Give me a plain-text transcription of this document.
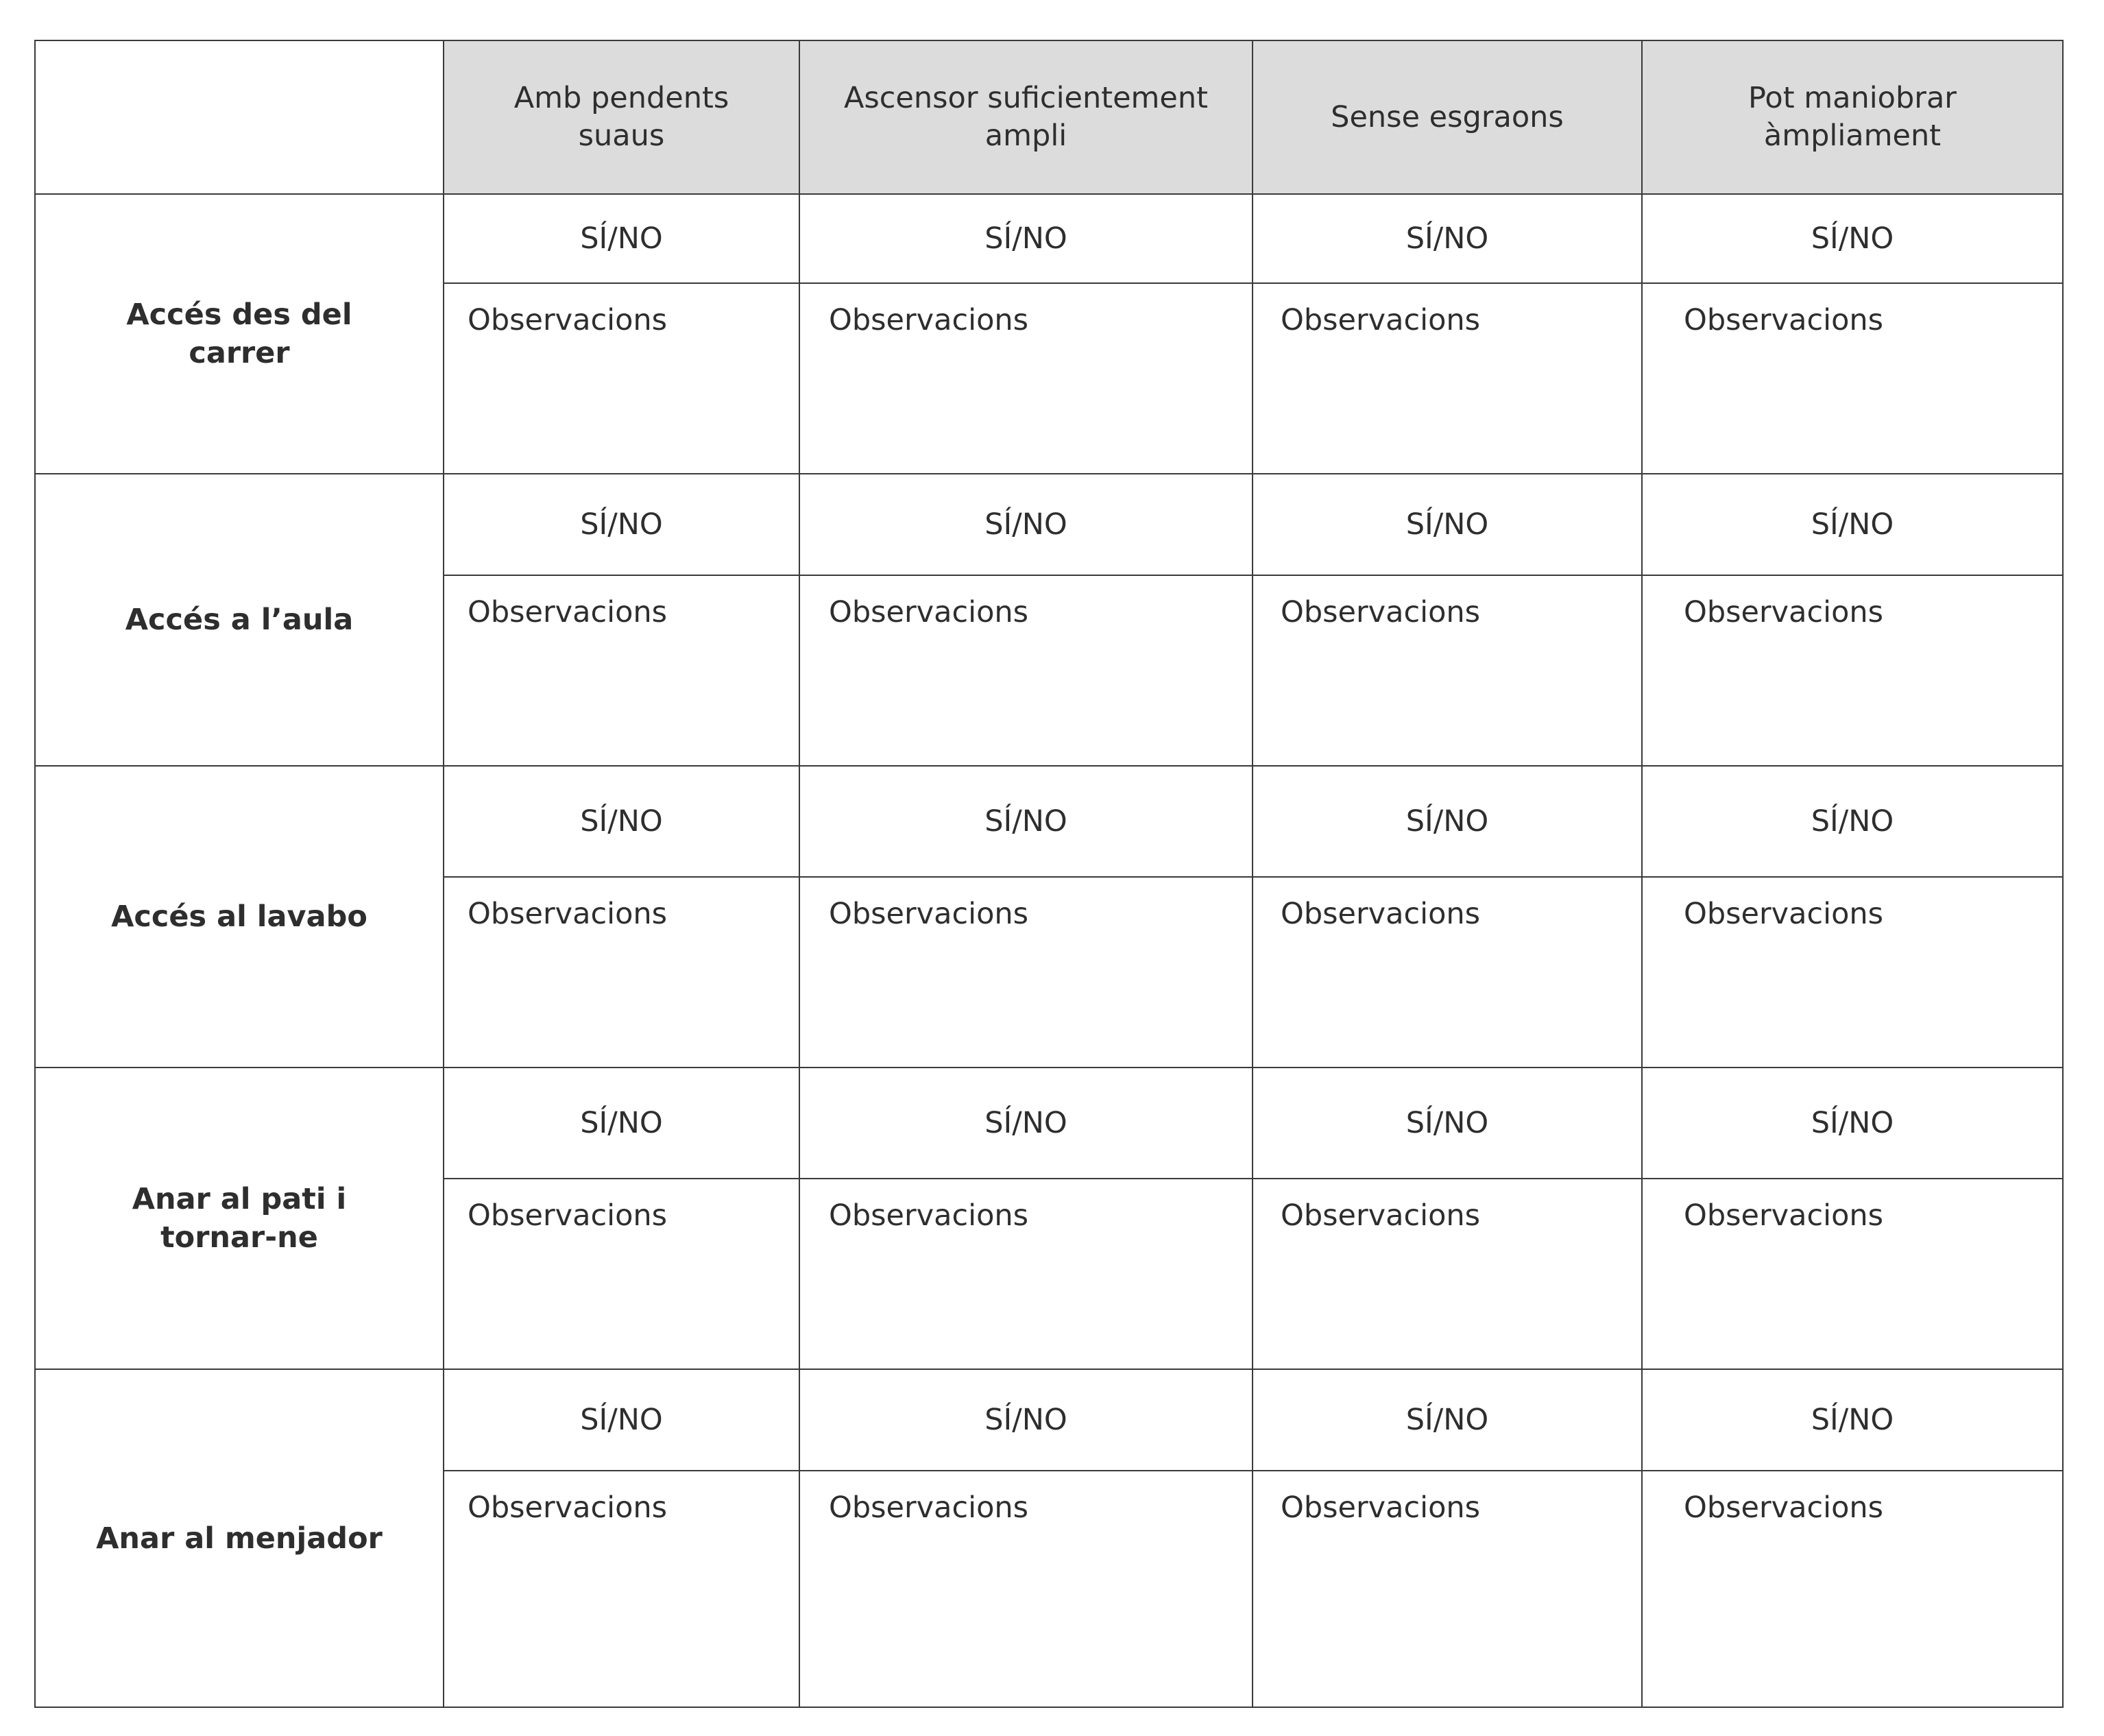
	Amb pendents suaus	Ascensor suficientement ampli	Sense esgraons	Pot maniobrar àmpliament
Accés des del carrer	SÍ/NO	SÍ/NO	SÍ/NO	SÍ/NO

	Observacions	Observacions	Observacions	Observacions

Accés a l’aula	SÍ/NO	SÍ/NO	SÍ/NO	SÍ/NO

	Observacions	Observacions	Observacions	Observacions

Accés al lavabo	SÍ/NO	SÍ/NO	SÍ/NO	SÍ/NO

	Observacions	Observacions	Observacions	Observacions

Anar al pati i tornar-ne	SÍ/NO	SÍ/NO	SÍ/NO	SÍ/NO

	Observacions	Observacions	Observacions	Observacions

Anar al menjador	SÍ/NO	SÍ/NO	SÍ/NO	SÍ/NO

	Observacions	Observacions	Observacions	Observacions
